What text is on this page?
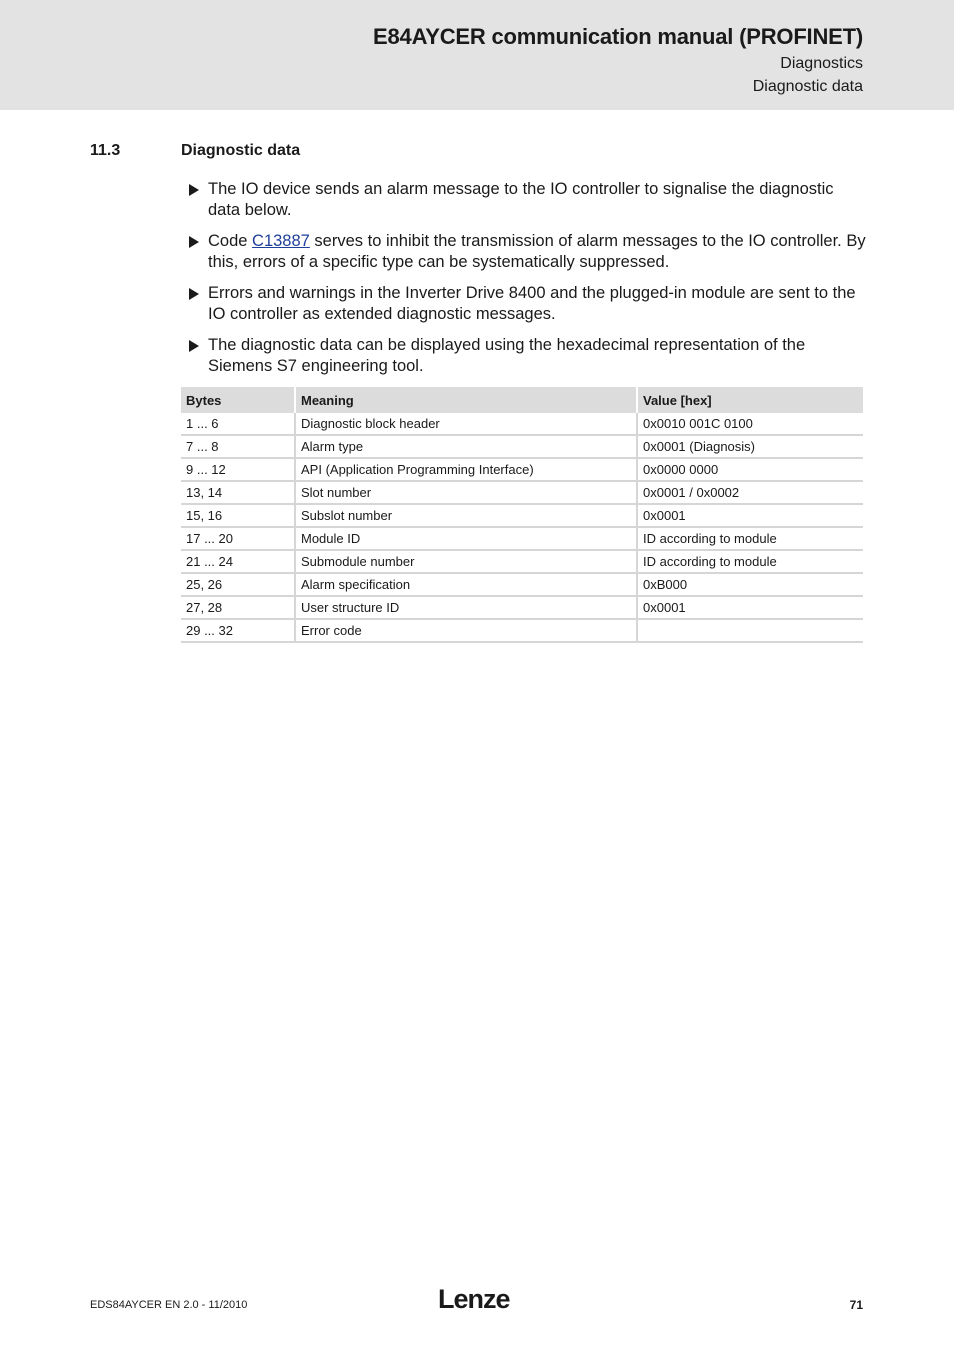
E84AYCER communication manual (PROFINET)
Diagnostics
Diagnostic data
11.3	Diagnostic data
The IO device sends an alarm message to the IO controller to signalise the diagnostic data below.
Code C13887 serves to inhibit the transmission of alarm messages to the IO controller. By this, errors of a specific type can be systematically suppressed.
Errors and warnings in the Inverter Drive 8400 and the plugged-in module are sent to the IO controller as extended diagnostic messages.
The diagnostic data can be displayed using the hexadecimal representation of the Siemens S7 engineering tool.
Bytes	Meaning	Value [hex]
1 ... 6	Diagnostic block header	0x0010 001C 0100
7 ... 8	Alarm type	0x0001 (Diagnosis)
9 ... 12	API (Application Programming Interface)	0x0000 0000
13, 14	Slot number	0x0001 / 0x0002
15, 16	Subslot number	0x0001
17 ... 20	Module ID	ID according to module
21 ... 24	Submodule number	ID according to module
25, 26	Alarm specification	0xB000
27, 28	User structure ID	0x0001
29 ... 32	Error code	
EDS84AYCER EN 2.0 - 11/2010	Lenze	71
